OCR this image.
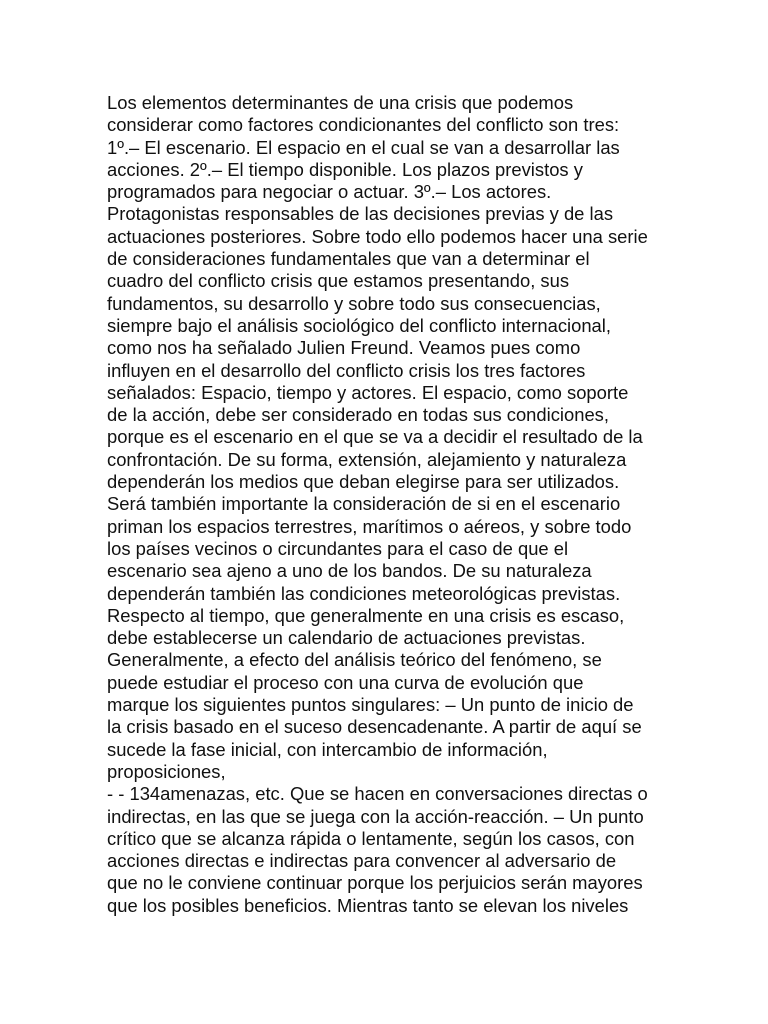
Los elementos determinantes de una crisis que podemos
considerar como factores condicionantes del conflicto son tres:
1º.– El escenario. El espacio en el cual se van a desarrollar las
acciones. 2º.– El tiempo disponible. Los plazos previstos y
programados para negociar o actuar. 3º.– Los actores.
Protagonistas responsables de las decisiones previas y de las
actuaciones posteriores. Sobre todo ello podemos hacer una serie
de consideraciones fundamentales que van a determinar el
cuadro del conflicto crisis que estamos presentando, sus
fundamentos, su desarrollo y sobre todo sus consecuencias,
siempre bajo el análisis sociológico del conflicto internacional,
como nos ha señalado Julien Freund. Veamos pues como
influyen en el desarrollo del conflicto crisis los tres factores
señalados: Espacio, tiempo y actores. El espacio, como soporte
de la acción, debe ser considerado en todas sus condiciones,
porque es el escenario en el que se va a decidir el resultado de la
confrontación. De su forma, extensión, alejamiento y naturaleza
dependerán los medios que deban elegirse para ser utilizados.
Será también importante la consideración de si en el escenario
priman los espacios terrestres, marítimos o aéreos, y sobre todo
los países vecinos o circundantes para el caso de que el
escenario sea ajeno a uno de los bandos. De su naturaleza
dependerán también las condiciones meteorológicas previstas.
Respecto al tiempo, que generalmente en una crisis es escaso,
debe establecerse un calendario de actuaciones previstas.
Generalmente, a efecto del análisis teórico del fenómeno, se
puede estudiar el proceso con una curva de evolución que
marque los siguientes puntos singulares: – Un punto de inicio de
la crisis basado en el suceso desencadenante. A partir de aquí se
sucede la fase inicial, con intercambio de información,
proposiciones,
- - 134amenazas, etc. Que se hacen en conversaciones directas o
indirectas, en las que se juega con la acción-reacción. – Un punto
crítico que se alcanza rápida o lentamente, según los casos, con
acciones directas e indirectas para convencer al adversario de
que no le conviene continuar porque los perjuicios serán mayores
que los posibles beneficios. Mientras tanto se elevan los niveles
